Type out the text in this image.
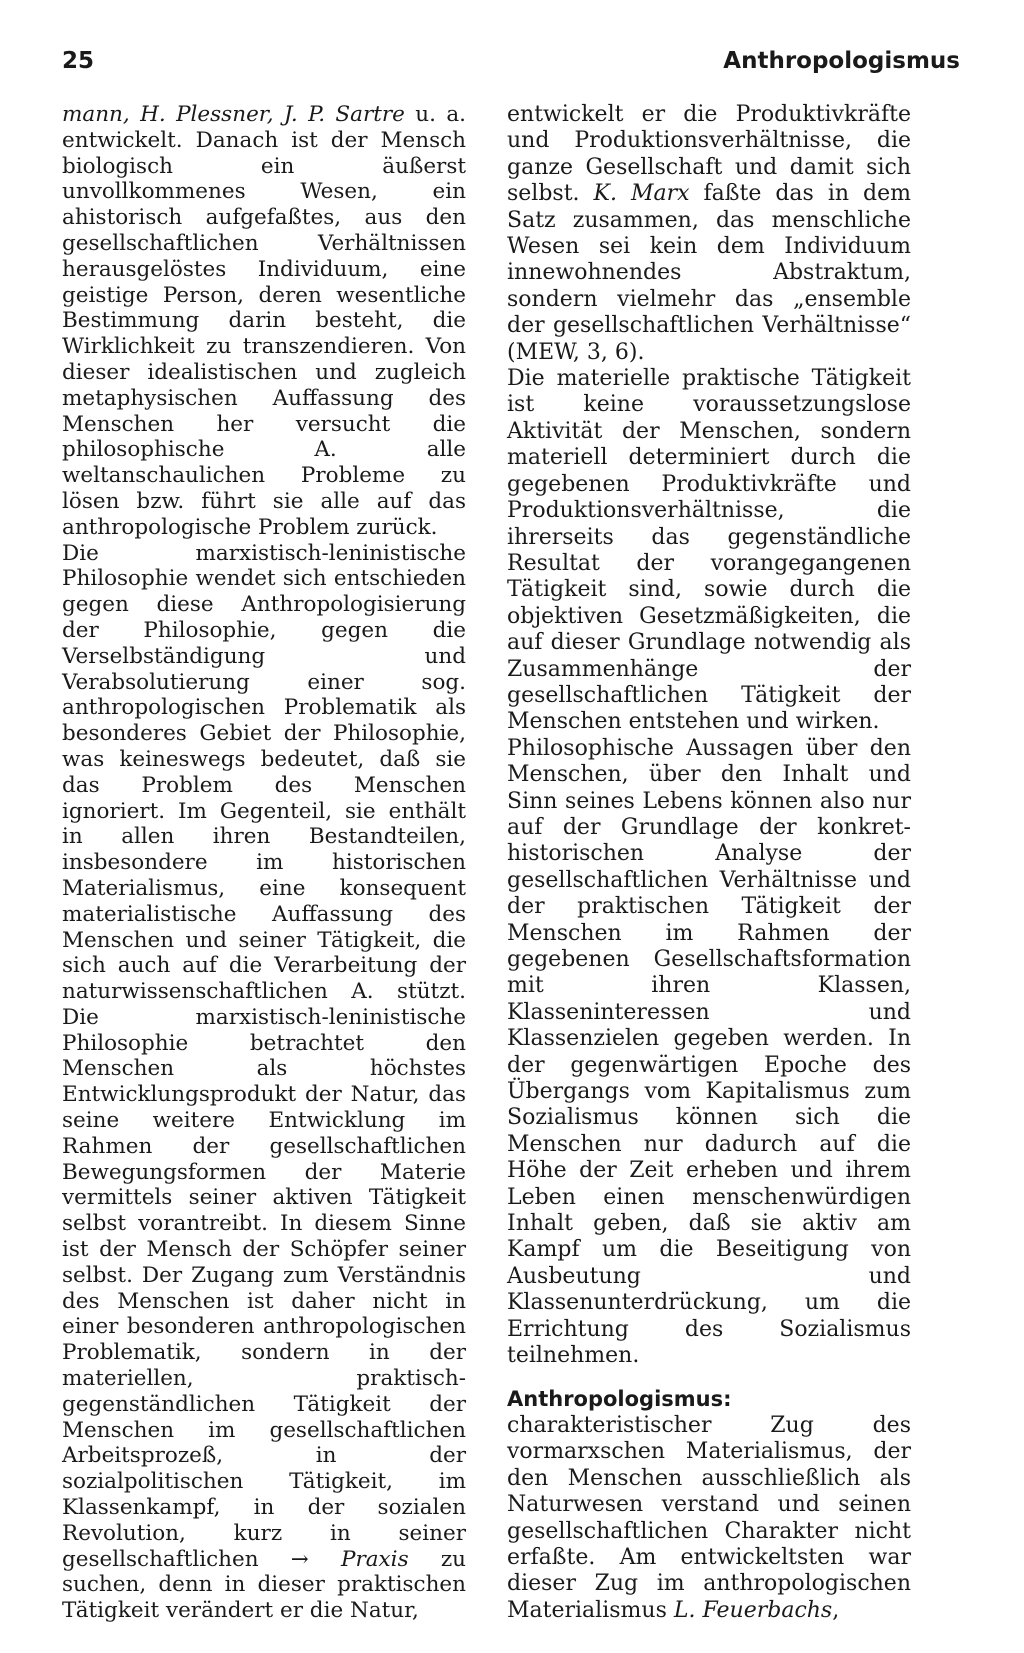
25	Anthropologismus

mann, H. Plessner, J. P. Sartre u. a. entwickelt. Danach ist der Mensch biologisch ein äußerst unvollkommenes Wesen, ein ahistorisch aufgefaßtes, aus den gesellschaftlichen Verhältnissen herausgelöstes Individuum, eine geistige Person, deren wesentliche Bestimmung darin besteht, die Wirklichkeit zu transzendieren. Von dieser idealistischen und zugleich metaphysischen Auffassung des Menschen her versucht die philosophische A. alle weltanschaulichen Probleme zu lösen bzw. führt sie alle auf das anthropologische Problem zurück.

Die marxistisch-leninistische Philosophie wendet sich entschieden gegen diese Anthropologisierung der Philosophie, gegen die Verselbständigung und Verabsolutierung einer sog. anthropologischen Problematik als besonderes Gebiet der Philosophie, was keineswegs bedeutet, daß sie das Problem des Menschen ignoriert. Im Gegenteil, sie enthält in allen ihren Bestandteilen, insbesondere im historischen Materialismus, eine konsequent materialistische Auffassung des Menschen und seiner Tätigkeit, die sich auch auf die Verarbeitung der naturwissenschaftlichen A. stützt. Die marxistisch-leninistische Philosophie betrachtet den Menschen als höchstes Entwicklungsprodukt der Natur, das seine weitere Entwicklung im Rahmen der gesellschaftlichen Bewegungsformen der Materie vermittels seiner aktiven Tätigkeit selbst vorantreibt. In diesem Sinne ist der Mensch der Schöpfer seiner selbst. Der Zugang zum Verständnis des Menschen ist daher nicht in einer besonderen anthropologischen Problematik, sondern in der materiellen, praktisch-gegenständlichen Tätigkeit der Menschen im gesellschaftlichen Arbeitsprozeß, in der sozialpolitischen Tätigkeit, im Klassenkampf, in der sozialen Revolution, kurz in seiner gesellschaftlichen → Praxis zu suchen, denn in dieser praktischen Tätigkeit verändert er die Natur,

entwickelt er die Produktivkräfte und Produktionsverhältnisse, die ganze Gesellschaft und damit sich selbst. K. Marx faßte das in dem Satz zusammen, das menschliche Wesen sei kein dem Individuum innewohnendes Abstraktum, sondern vielmehr das „ensemble der gesellschaftlichen Verhältnisse“ (MEW, 3, 6).

Die materielle praktische Tätigkeit ist keine voraussetzungslose Aktivität der Menschen, sondern materiell determiniert durch die gegebenen Produktivkräfte und Produktionsverhältnisse, die ihrerseits das gegenständliche Resultat der vorangegangenen Tätigkeit sind, sowie durch die objektiven Gesetzmäßigkeiten, die auf dieser Grundlage notwendig als Zusammenhänge der gesellschaftlichen Tätigkeit der Menschen entstehen und wirken.

Philosophische Aussagen über den Menschen, über den Inhalt und Sinn seines Lebens können also nur auf der Grundlage der konkret-historischen Analyse der gesellschaftlichen Verhältnisse und der praktischen Tätigkeit der Menschen im Rahmen der gegebenen Gesellschaftsformation mit ihren Klassen, Klasseninteressen und Klassenzielen gegeben werden. In der gegenwärtigen Epoche des Übergangs vom Kapitalismus zum Sozialismus können sich die Menschen nur dadurch auf die Höhe der Zeit erheben und ihrem Leben einen menschenwürdigen Inhalt geben, daß sie aktiv am Kampf um die Beseitigung von Ausbeutung und Klassenunterdrückung, um die Errichtung des Sozialismus teilnehmen.

Anthropologismus: charakteristischer Zug des vormarxschen Materialismus, der den Menschen ausschließlich als Naturwesen verstand und seinen gesellschaftlichen Charakter nicht erfaßte. Am entwickeltsten war dieser Zug im anthropologischen Materialismus L. Feuerbachs,
